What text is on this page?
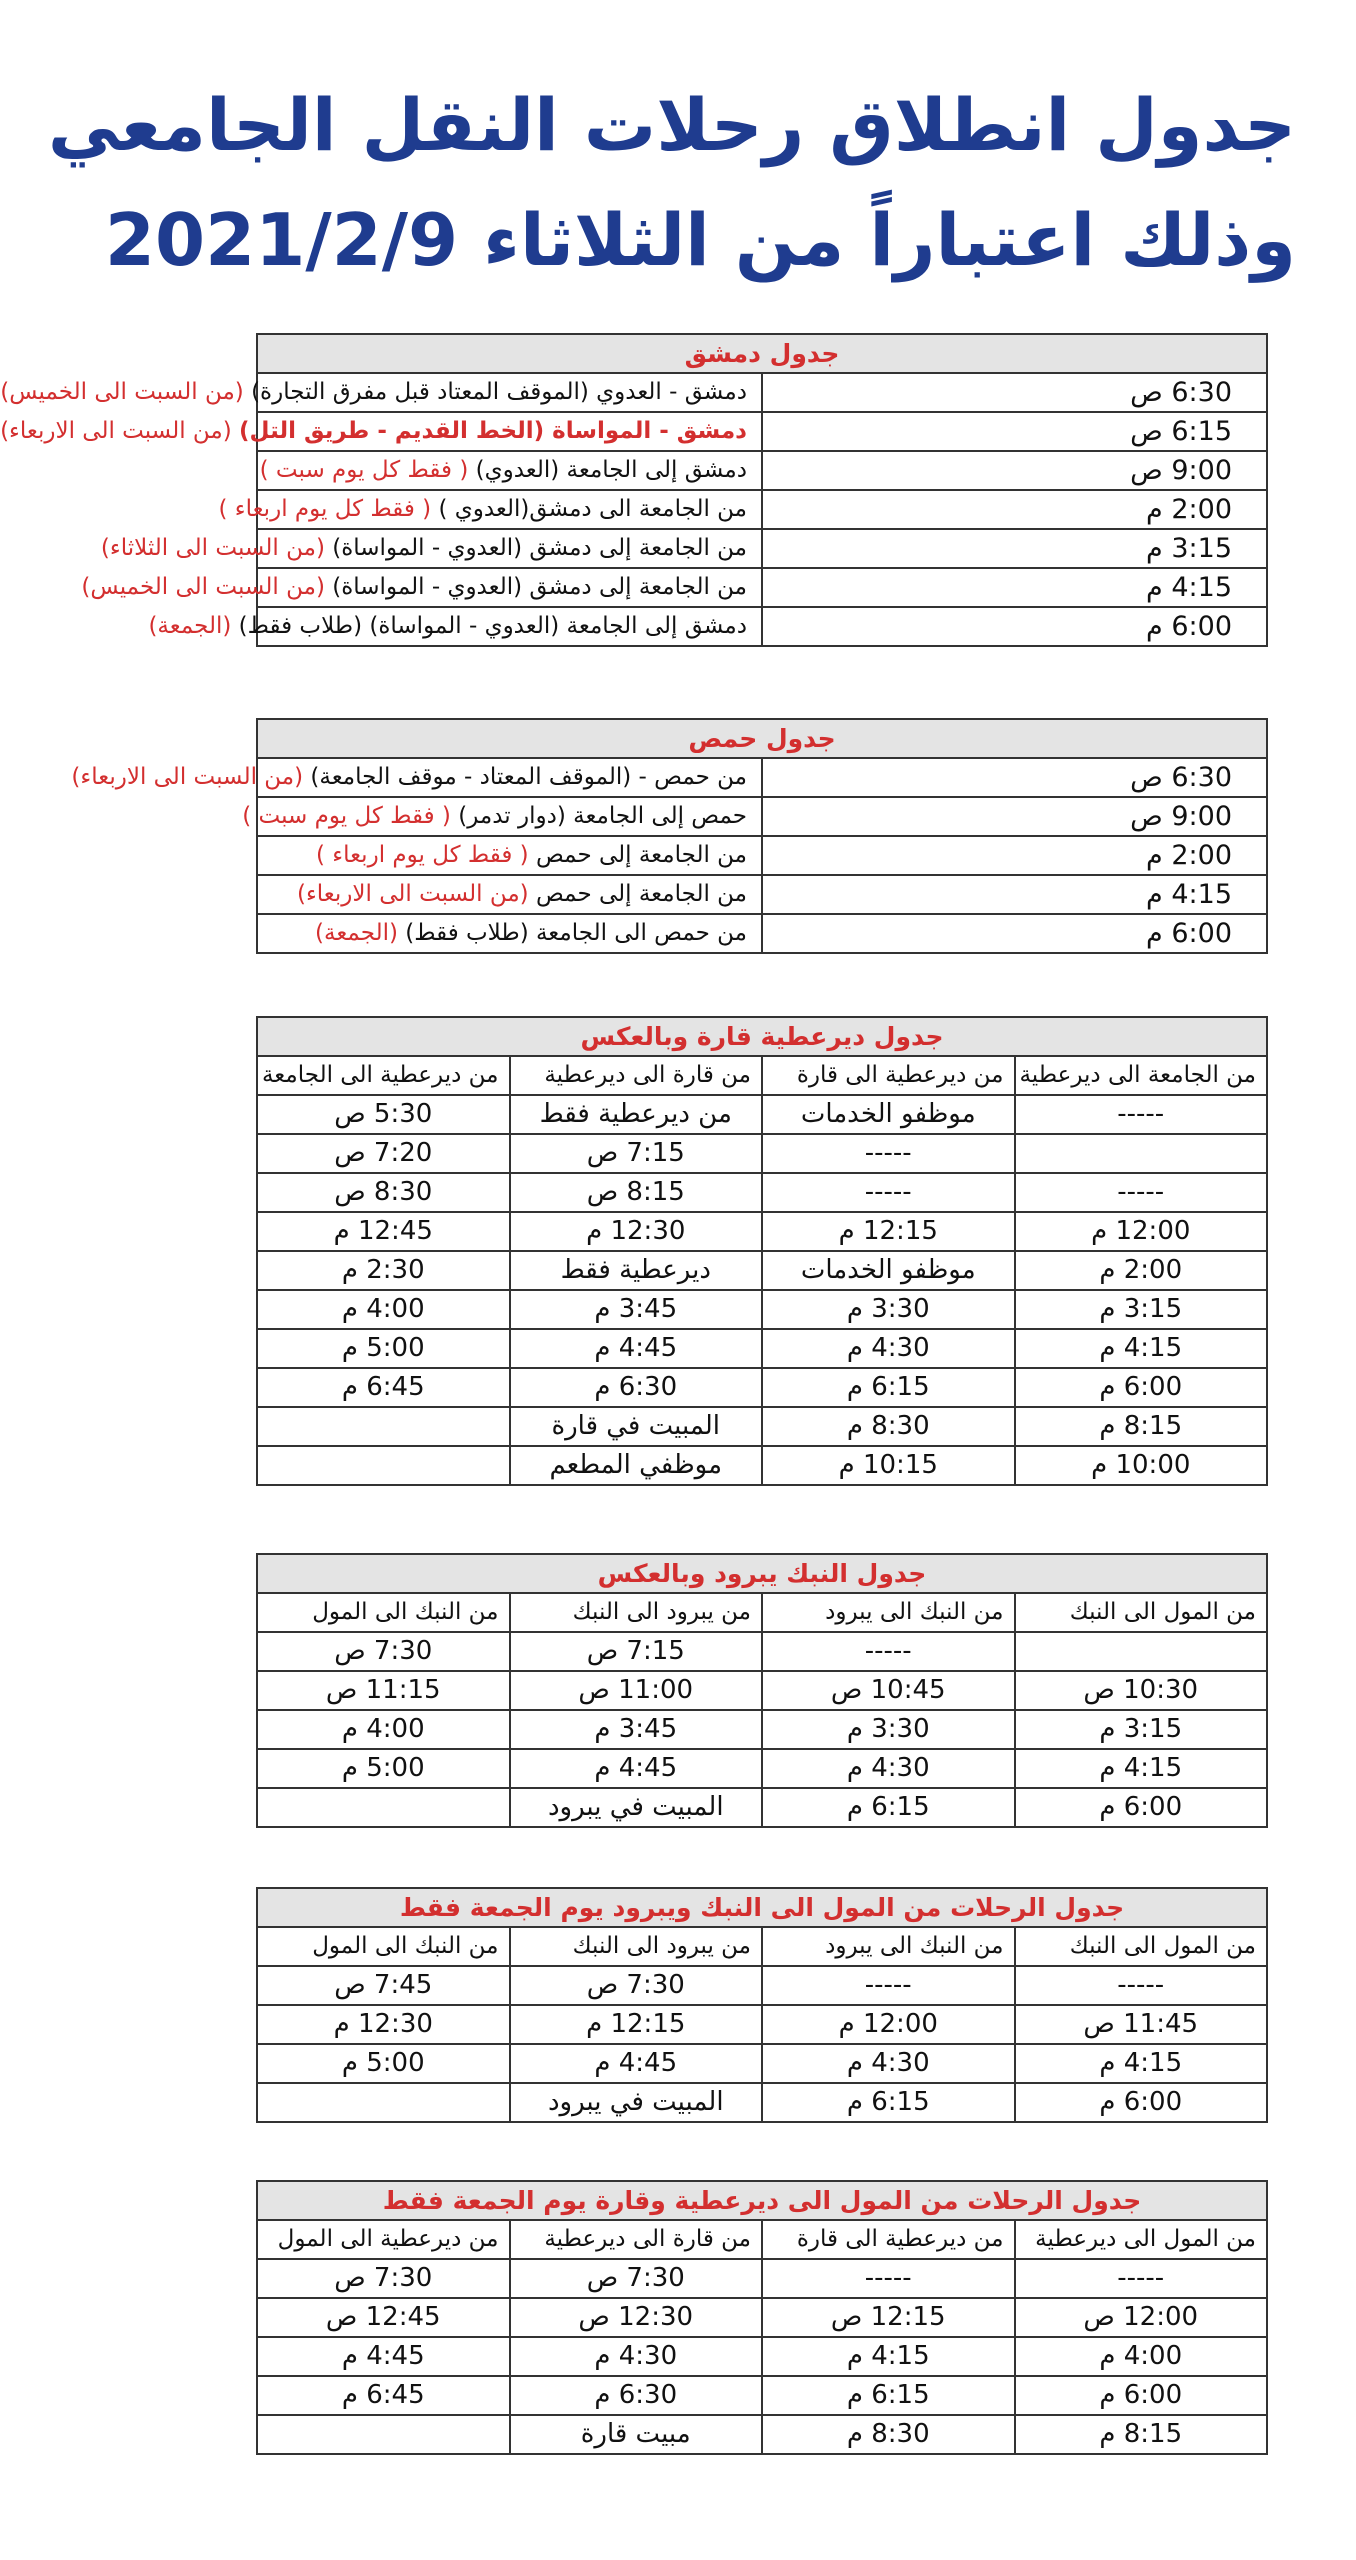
جدول انطلاق رحلات النقل الجامعي
وذلك اعتباراً من الثلاثاء 2021/2/9
جدول دمشق	
6:30 ص	دمشق - العدوي (الموقف المعتاد قبل مفرق التجارة) (من السبت الى الخميس)
6:15 ص	دمشق - المواساة (الخط القديم - طريق التل) (من السبت الى الاربعاء)
9:00 ص	دمشق إلى الجامعة (العدوي) ( فقط كل يوم سبت )
2:00 م	من الجامعة الى دمشق(العدوي ) ( فقط كل يوم اربعاء )
3:15 م	من الجامعة إلى دمشق (العدوي - المواساة) (من السبت الى الثلاثاء)
4:15 م	من الجامعة إلى دمشق (العدوي - المواساة) (من السبت الى الخميس)
6:00 م	دمشق إلى الجامعة (العدوي - المواساة) (طلاب فقط) (الجمعة)
جدول حمص	
6:30 ص	من حمص - (الموقف المعتاد - موقف الجامعة) (من السبت الى الاربعاء)
9:00 ص	حمص إلى الجامعة (دوار تدمر) ( فقط كل يوم سبت )
2:00 م	من الجامعة إلى حمص ( فقط كل يوم اربعاء )
4:15 م	من الجامعة إلى حمص (من السبت الى الاربعاء)
6:00 م	من حمص الى الجامعة (طلاب فقط) (الجمعة)
جدول ديرعطية قارة وبالعكس			
من الجامعة الى ديرعطية	من ديرعطية الى قارة	من قارة الى ديرعطية	من ديرعطية الى الجامعة
-----	موظفو الخدمات	من ديرعطية فقط	5:30 ص
	-----	7:15 ص	7:20 ص
-----	-----	8:15 ص	8:30 ص
12:00 م	12:15 م	12:30 م	12:45 م
2:00 م	موظفو الخدمات	ديرعطية فقط	2:30 م
3:15 م	3:30 م	3:45 م	4:00 م
4:15 م	4:30 م	4:45 م	5:00 م
6:00 م	6:15 م	6:30 م	6:45 م
8:15 م	8:30 م	المبيت في قارة	
10:00 م	10:15 م	موظفي المطعم	
جدول النبك يبرود وبالعكس			
من المول الى النبك	من النبك الى يبرود	من يبرود الى النبك	من النبك الى المول
	-----	7:15 ص	7:30 ص
10:30 ص	10:45 ص	11:00 ص	11:15 ص
3:15 م	3:30 م	3:45 م	4:00 م
4:15 م	4:30 م	4:45 م	5:00 م
6:00 م	6:15 م	المبيت في يبرود	
جدول الرحلات من المول الى النبك ويبرود يوم الجمعة فقط			
من المول الى النبك	من النبك الى يبرود	من يبرود الى النبك	من النبك الى المول
-----	-----	7:30 ص	7:45 ص
11:45 ص	12:00 م	12:15 م	12:30 م
4:15 م	4:30 م	4:45 م	5:00 م
6:00 م	6:15 م	المبيت في يبرود	
جدول الرحلات من المول الى ديرعطية وقارة يوم الجمعة فقط			
من المول الى ديرعطية	من ديرعطية الى قارة	من قارة الى ديرعطية	من ديرعطية الى المول
-----	-----	7:30 ص	7:30 ص
12:00 ص	12:15 ص	12:30 ص	12:45 ص
4:00 م	4:15 م	4:30 م	4:45 م
6:00 م	6:15 م	6:30 م	6:45 م
8:15 م	8:30 م	مبيت قارة	
